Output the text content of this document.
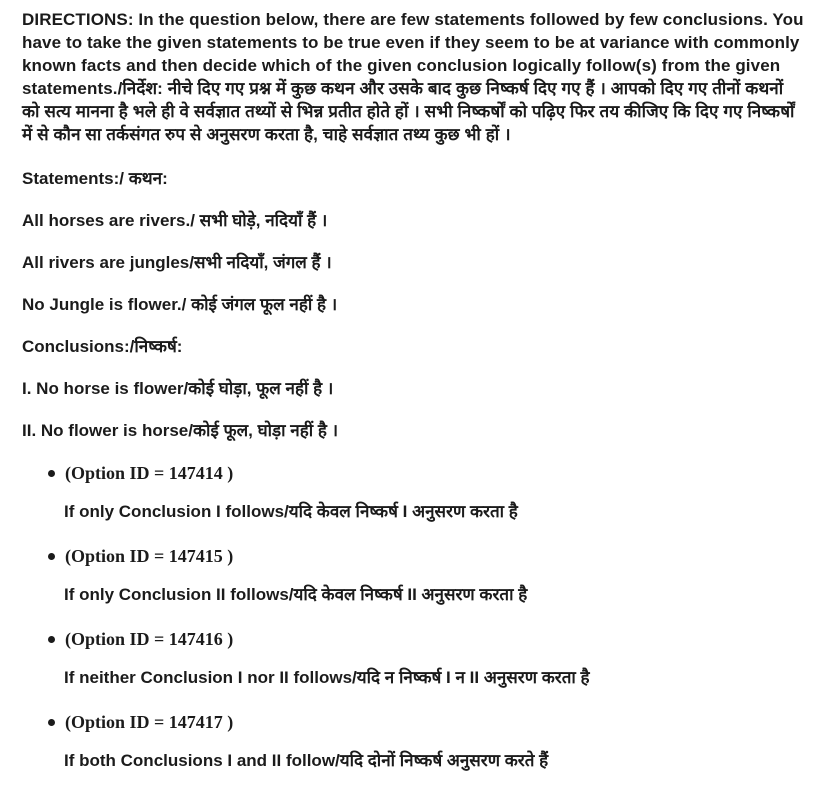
DIRECTIONS: In the question below, there are few statements followed by few conclusions. You have to take the given statements to be true even if they seem to be at variance with commonly known facts and then decide which of the given conclusion logically follow(s) from the given statements./निर्देश: नीचे दिए गए प्रश्न में कुछ कथन और उसके बाद कुछ निष्कर्ष दिए गए हैं । आपको दिए गए तीनों कथनों को सत्य मानना है भले ही वे सर्वज्ञात तथ्यों से भिन्न प्रतीत होते हों । सभी निष्कर्षों को पढ़िए फिर तय कीजिए कि दिए गए निष्कर्षों में से कौन सा तर्कसंगत रुप से अनुसरण करता है, चाहे सर्वज्ञात तथ्य कुछ भी हों ।

Statements:/ कथन:

All horses are rivers./ सभी घोड़े, नदियाँ हैं ।

All rivers are jungles/सभी नदियाँ, जंगल हैं ।

No Jungle is flower./ कोई जंगल फूल नहीं है ।

Conclusions:/निष्कर्ष:

I. No horse is flower/कोई घोड़ा, फूल नहीं है ।

II. No flower is horse/कोई फूल, घोड़ा नहीं है ।

(Option ID = 147414 )
If only Conclusion I follows/यदि केवल निष्कर्ष I अनुसरण करता है
(Option ID = 147415 )
If only Conclusion II follows/यदि केवल निष्कर्ष II अनुसरण करता है
(Option ID = 147416 )
If neither Conclusion I nor II follows/यदि न निष्कर्ष I न II अनुसरण करता है
(Option ID = 147417 )
If both Conclusions I and II follow/यदि दोनों निष्कर्ष अनुसरण करते हैं
